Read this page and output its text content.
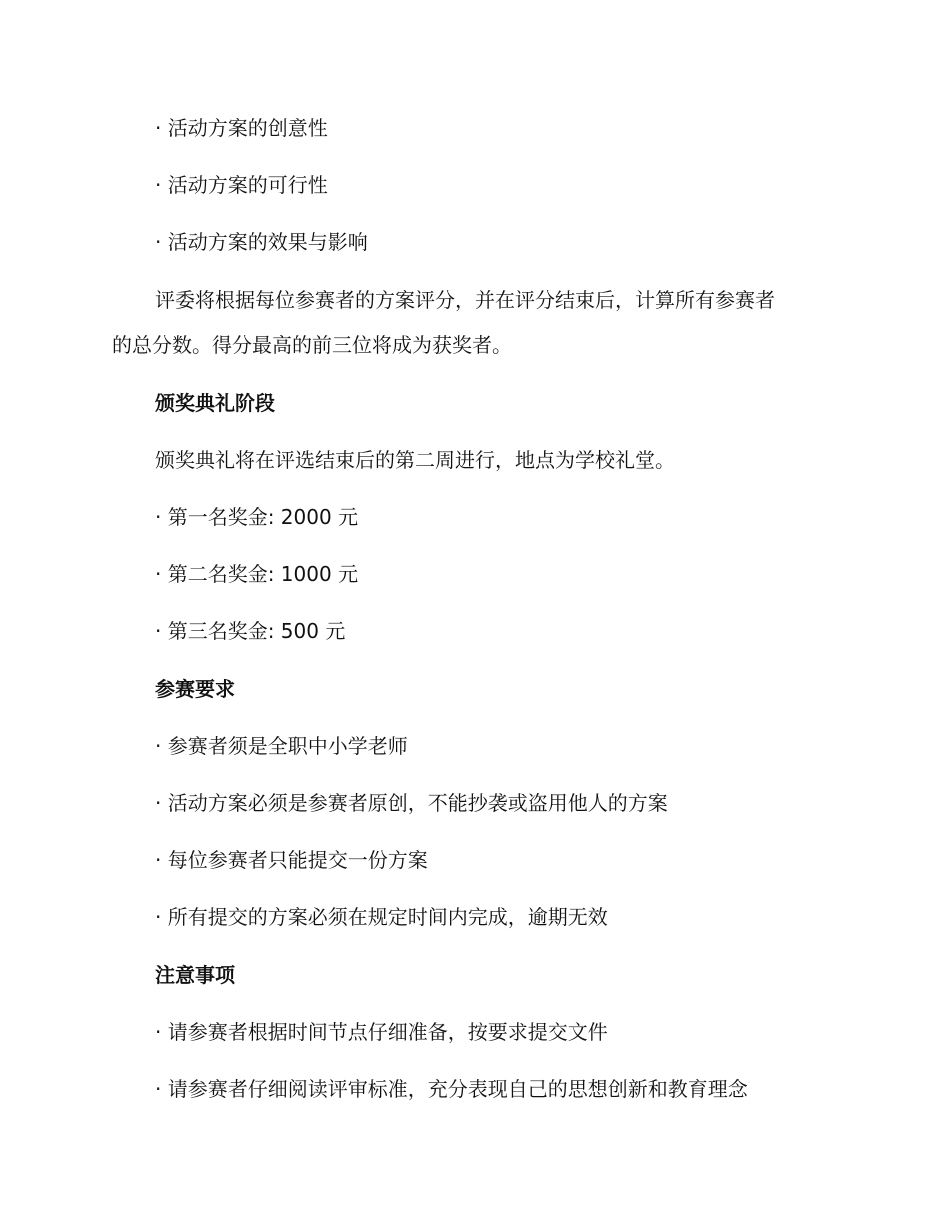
· 活动方案的创意性
· 活动方案的可行性
· 活动方案的效果与影响
评委将根据每位参赛者的方案评分，并在评分结束后，计算所有参赛者
的总分数。得分最高的前三位将成为获奖者。
颁奖典礼阶段
颁奖典礼将在评选结束后的第二周进行，地点为学校礼堂。
· 第一名奖金: 2000 元
· 第二名奖金: 1000 元
· 第三名奖金: 500 元
参赛要求
· 参赛者须是全职中小学老师
· 活动方案必须是参赛者原创，不能抄袭或盗用他人的方案
· 每位参赛者只能提交一份方案
· 所有提交的方案必须在规定时间内完成，逾期无效
注意事项
· 请参赛者根据时间节点仔细准备，按要求提交文件
· 请参赛者仔细阅读评审标准，充分表现自己的思想创新和教育理念
